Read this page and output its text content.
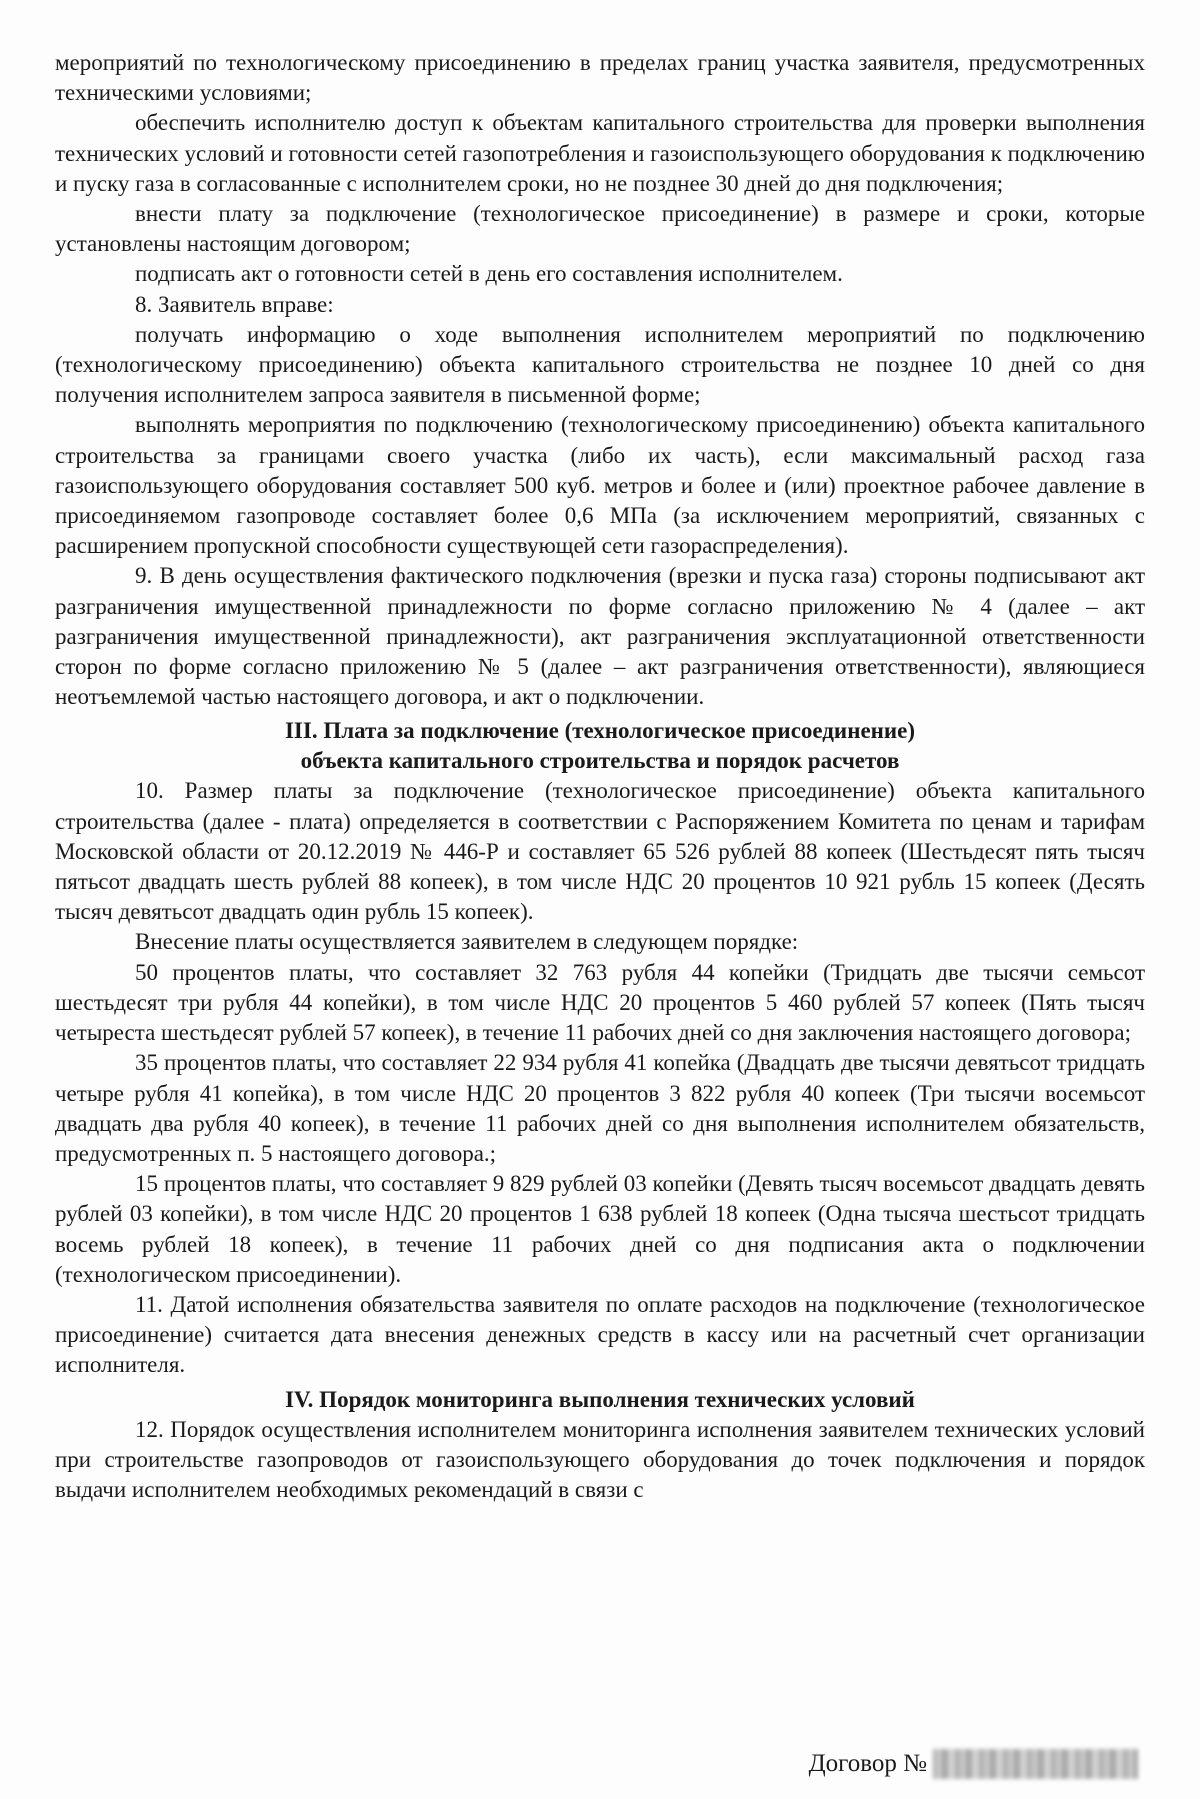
мероприятий по технологическому присоединению в пределах границ участка заявителя, предусмотренных техническими условиями;

обеспечить исполнителю доступ к объектам капитального строительства для проверки выполнения технических условий и готовности сетей газопотребления и газоиспользующего оборудования к подключению и пуску газа в согласованные с исполнителем сроки, но не позднее 30 дней до дня подключения;

внести плату за подключение (технологическое присоединение) в размере и сроки, которые установлены настоящим договором;

подписать акт о готовности сетей в день его составления исполнителем.

8. Заявитель вправе:

получать информацию о ходе выполнения исполнителем мероприятий по подключению (технологическому присоединению) объекта капитального строительства не позднее 10 дней со дня получения исполнителем запроса заявителя в письменной форме;

выполнять мероприятия по подключению (технологическому присоединению) объекта капитального строительства за границами своего участка (либо их часть), если максимальный расход газа газоиспользующего оборудования составляет 500 куб. метров и более и (или) проектное рабочее давление в присоединяемом газопроводе составляет более 0,6 МПа (за исключением мероприятий, связанных с расширением пропускной способности существующей сети газораспределения).

9. В день осуществления фактического подключения (врезки и пуска газа) стороны подписывают акт разграничения имущественной принадлежности по форме согласно приложению № 4 (далее – акт разграничения имущественной принадлежности), акт разграничения эксплуатационной ответственности сторон по форме согласно приложению № 5 (далее – акт разграничения ответственности), являющиеся неотъемлемой частью настоящего договора, и акт о подключении.

III. Плата за подключение (технологическое присоединение)
объекта капитального строительства и порядок расчетов

10. Размер платы за подключение (технологическое присоединение) объекта капитального строительства (далее - плата) определяется в соответствии с Распоряжением Комитета по ценам и тарифам Московской области от 20.12.2019 № 446-Р и составляет 65 526 рублей 88 копеек (Шестьдесят пять тысяч пятьсот двадцать шесть рублей 88 копеек), в том числе НДС 20 процентов 10 921 рубль 15 копеек (Десять тысяч девятьсот двадцать один рубль 15 копеек).

Внесение платы осуществляется заявителем в следующем порядке:

50 процентов платы, что составляет 32 763 рубля 44 копейки (Тридцать две тысячи семьсот шестьдесят три рубля 44 копейки), в том числе НДС 20 процентов 5 460 рублей 57 копеек (Пять тысяч четыреста шестьдесят рублей 57 копеек), в течение 11 рабочих дней со дня заключения настоящего договора;

35 процентов платы, что составляет 22 934 рубля 41 копейка (Двадцать две тысячи девятьсот тридцать четыре рубля 41 копейка), в том числе НДС 20 процентов 3 822 рубля 40 копеек (Три тысячи восемьсот двадцать два рубля 40 копеек), в течение 11 рабочих дней со дня выполнения исполнителем обязательств, предусмотренных п. 5 настоящего договора.;

15 процентов платы, что составляет 9 829 рублей 03 копейки (Девять тысяч восемьсот двадцать девять рублей 03 копейки), в том числе НДС 20 процентов 1 638 рублей 18 копеек (Одна тысяча шестьсот тридцать восемь рублей 18 копеек), в течение 11 рабочих дней со дня подписания акта о подключении (технологическом присоединении).

11. Датой исполнения обязательства заявителя по оплате расходов на подключение (технологическое присоединение) считается дата внесения денежных средств в кассу или на расчетный счет организации исполнителя.

IV. Порядок мониторинга выполнения технических условий

12. Порядок осуществления исполнителем мониторинга исполнения заявителем технических условий при строительстве газопроводов от газоиспользующего оборудования до точек подключения и порядок выдачи исполнителем необходимых рекомендаций в связи с

Договор №
